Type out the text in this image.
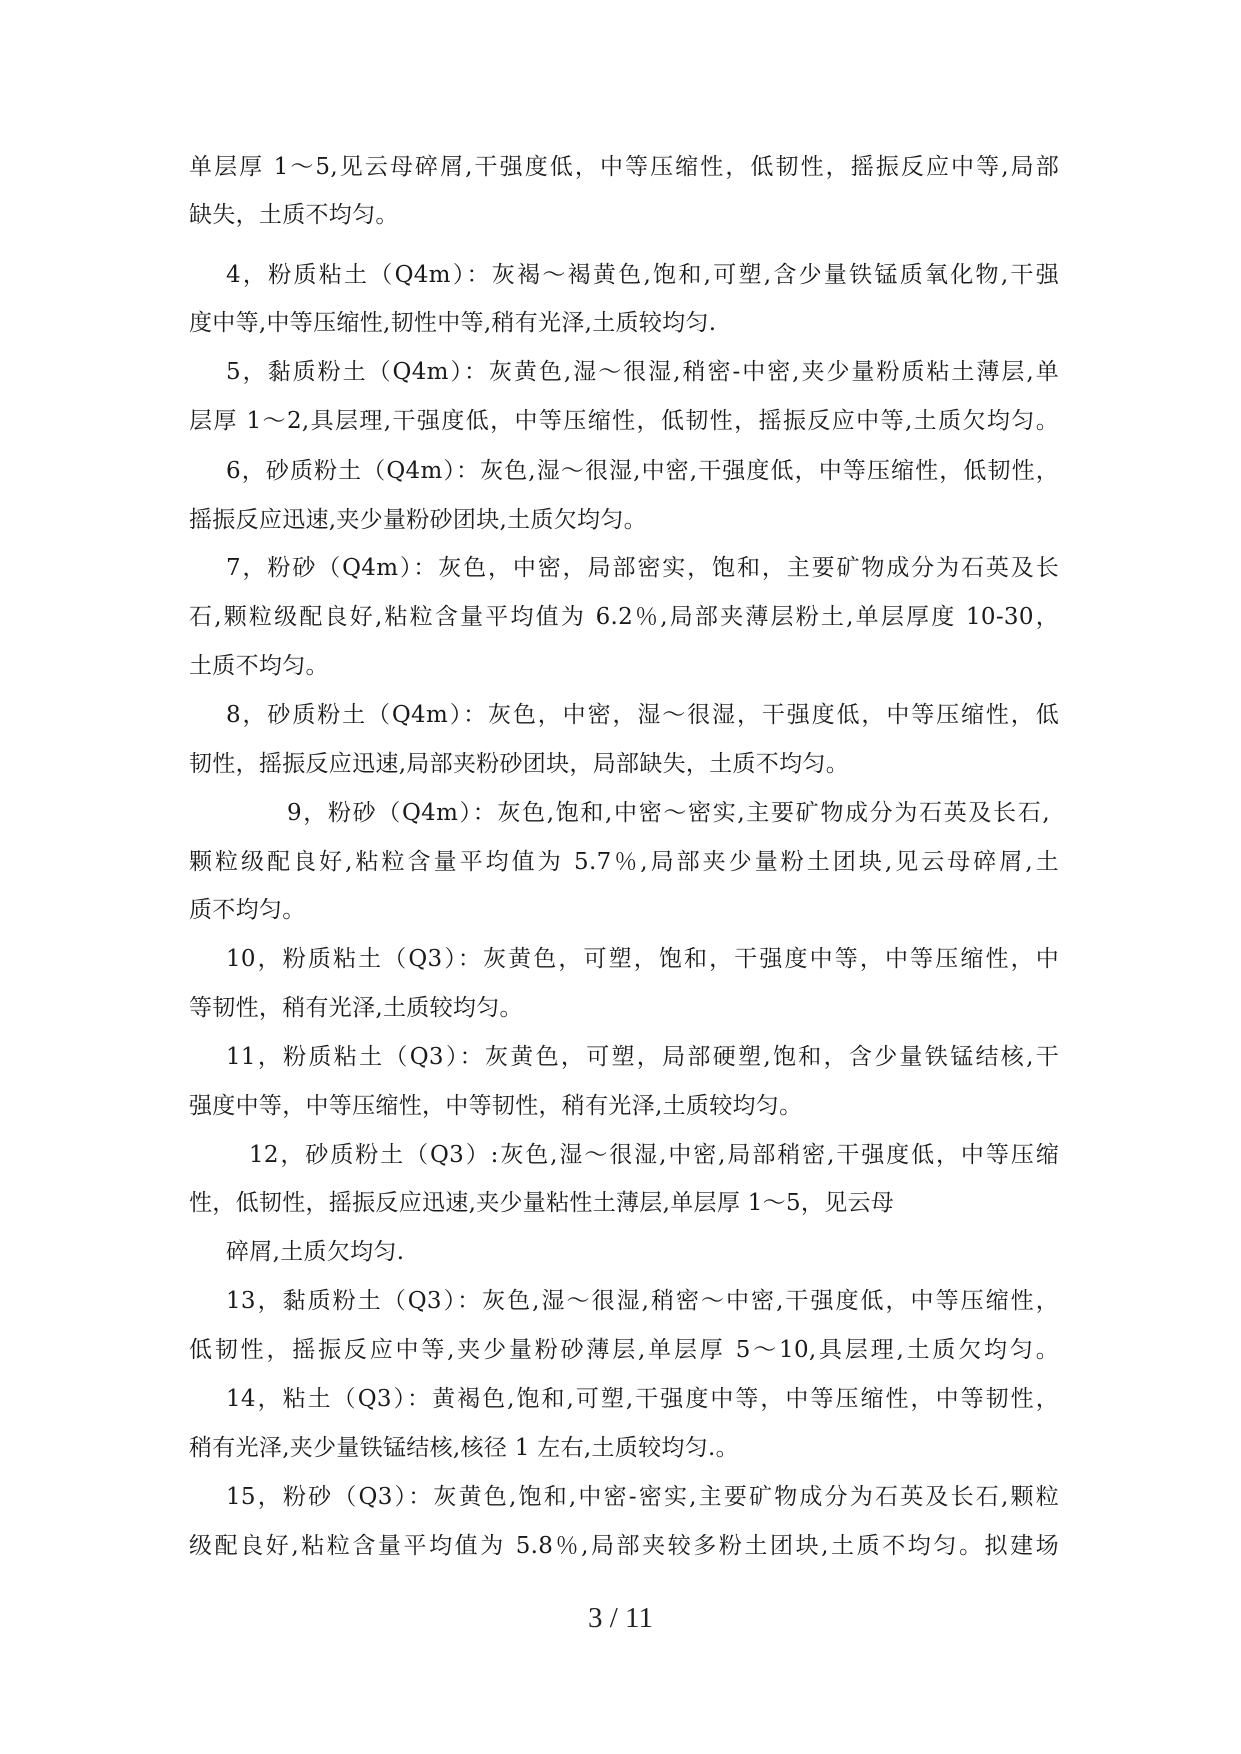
单层厚 1～5,见云母碎屑,干强度低，中等压缩性，低韧性，摇振反应中等,局部
缺失，土质不均匀。
4，粉质粘土（Q4m）：灰褐～褐黄色,饱和,可塑,含少量铁锰质氧化物,干强
度中等,中等压缩性,韧性中等,稍有光泽,土质较均匀.
5，黏质粉土（Q4m）：灰黄色,湿～很湿,稍密-中密,夹少量粉质粘土薄层,单
层厚 1～2,具层理,干强度低，中等压缩性，低韧性，摇振反应中等,土质欠均匀。
6，砂质粉土（Q4m）：灰色,湿～很湿,中密,干强度低，中等压缩性，低韧性，
摇振反应迅速,夹少量粉砂团块,土质欠均匀。
7，粉砂（Q4m）：灰色，中密，局部密实，饱和，主要矿物成分为石英及长
石,颗粒级配良好,粘粒含量平均值为 6.2％,局部夹薄层粉土,单层厚度 10-30，
土质不均匀。
8，砂质粉土（Q4m）：灰色，中密，湿～很湿，干强度低，中等压缩性，低
韧性，摇振反应迅速,局部夹粉砂团块，局部缺失，土质不均匀。
9，粉砂（Q4m）：灰色,饱和,中密～密实,主要矿物成分为石英及长石,
颗粒级配良好,粘粒含量平均值为 5.7％,局部夹少量粉土团块,见云母碎屑,土
质不均匀。
10，粉质粘土（Q3）：灰黄色，可塑，饱和，干强度中等，中等压缩性，中
等韧性，稍有光泽,土质较均匀。
11，粉质粘土（Q3）：灰黄色，可塑，局部硬塑,饱和，含少量铁锰结核,干
强度中等，中等压缩性，中等韧性，稍有光泽,土质较均匀。
12，砂质粉土（Q3）:灰色,湿～很湿,中密,局部稍密,干强度低，中等压缩
性，低韧性，摇振反应迅速,夹少量粘性土薄层,单层厚 1～5，见云母
碎屑,土质欠均匀.
13，黏质粉土（Q3）：灰色,湿～很湿,稍密～中密,干强度低，中等压缩性，
低韧性，摇振反应中等,夹少量粉砂薄层,单层厚 5～10,具层理,土质欠均匀。
14，粘土（Q3）：黄褐色,饱和,可塑,干强度中等，中等压缩性，中等韧性，
稍有光泽,夹少量铁锰结核,核径 1 左右,土质较均匀.。
15，粉砂（Q3）：灰黄色,饱和,中密-密实,主要矿物成分为石英及长石,颗粒
级配良好,粘粒含量平均值为 5.8％,局部夹较多粉土团块,土质不均匀。拟建场
3 / 11
